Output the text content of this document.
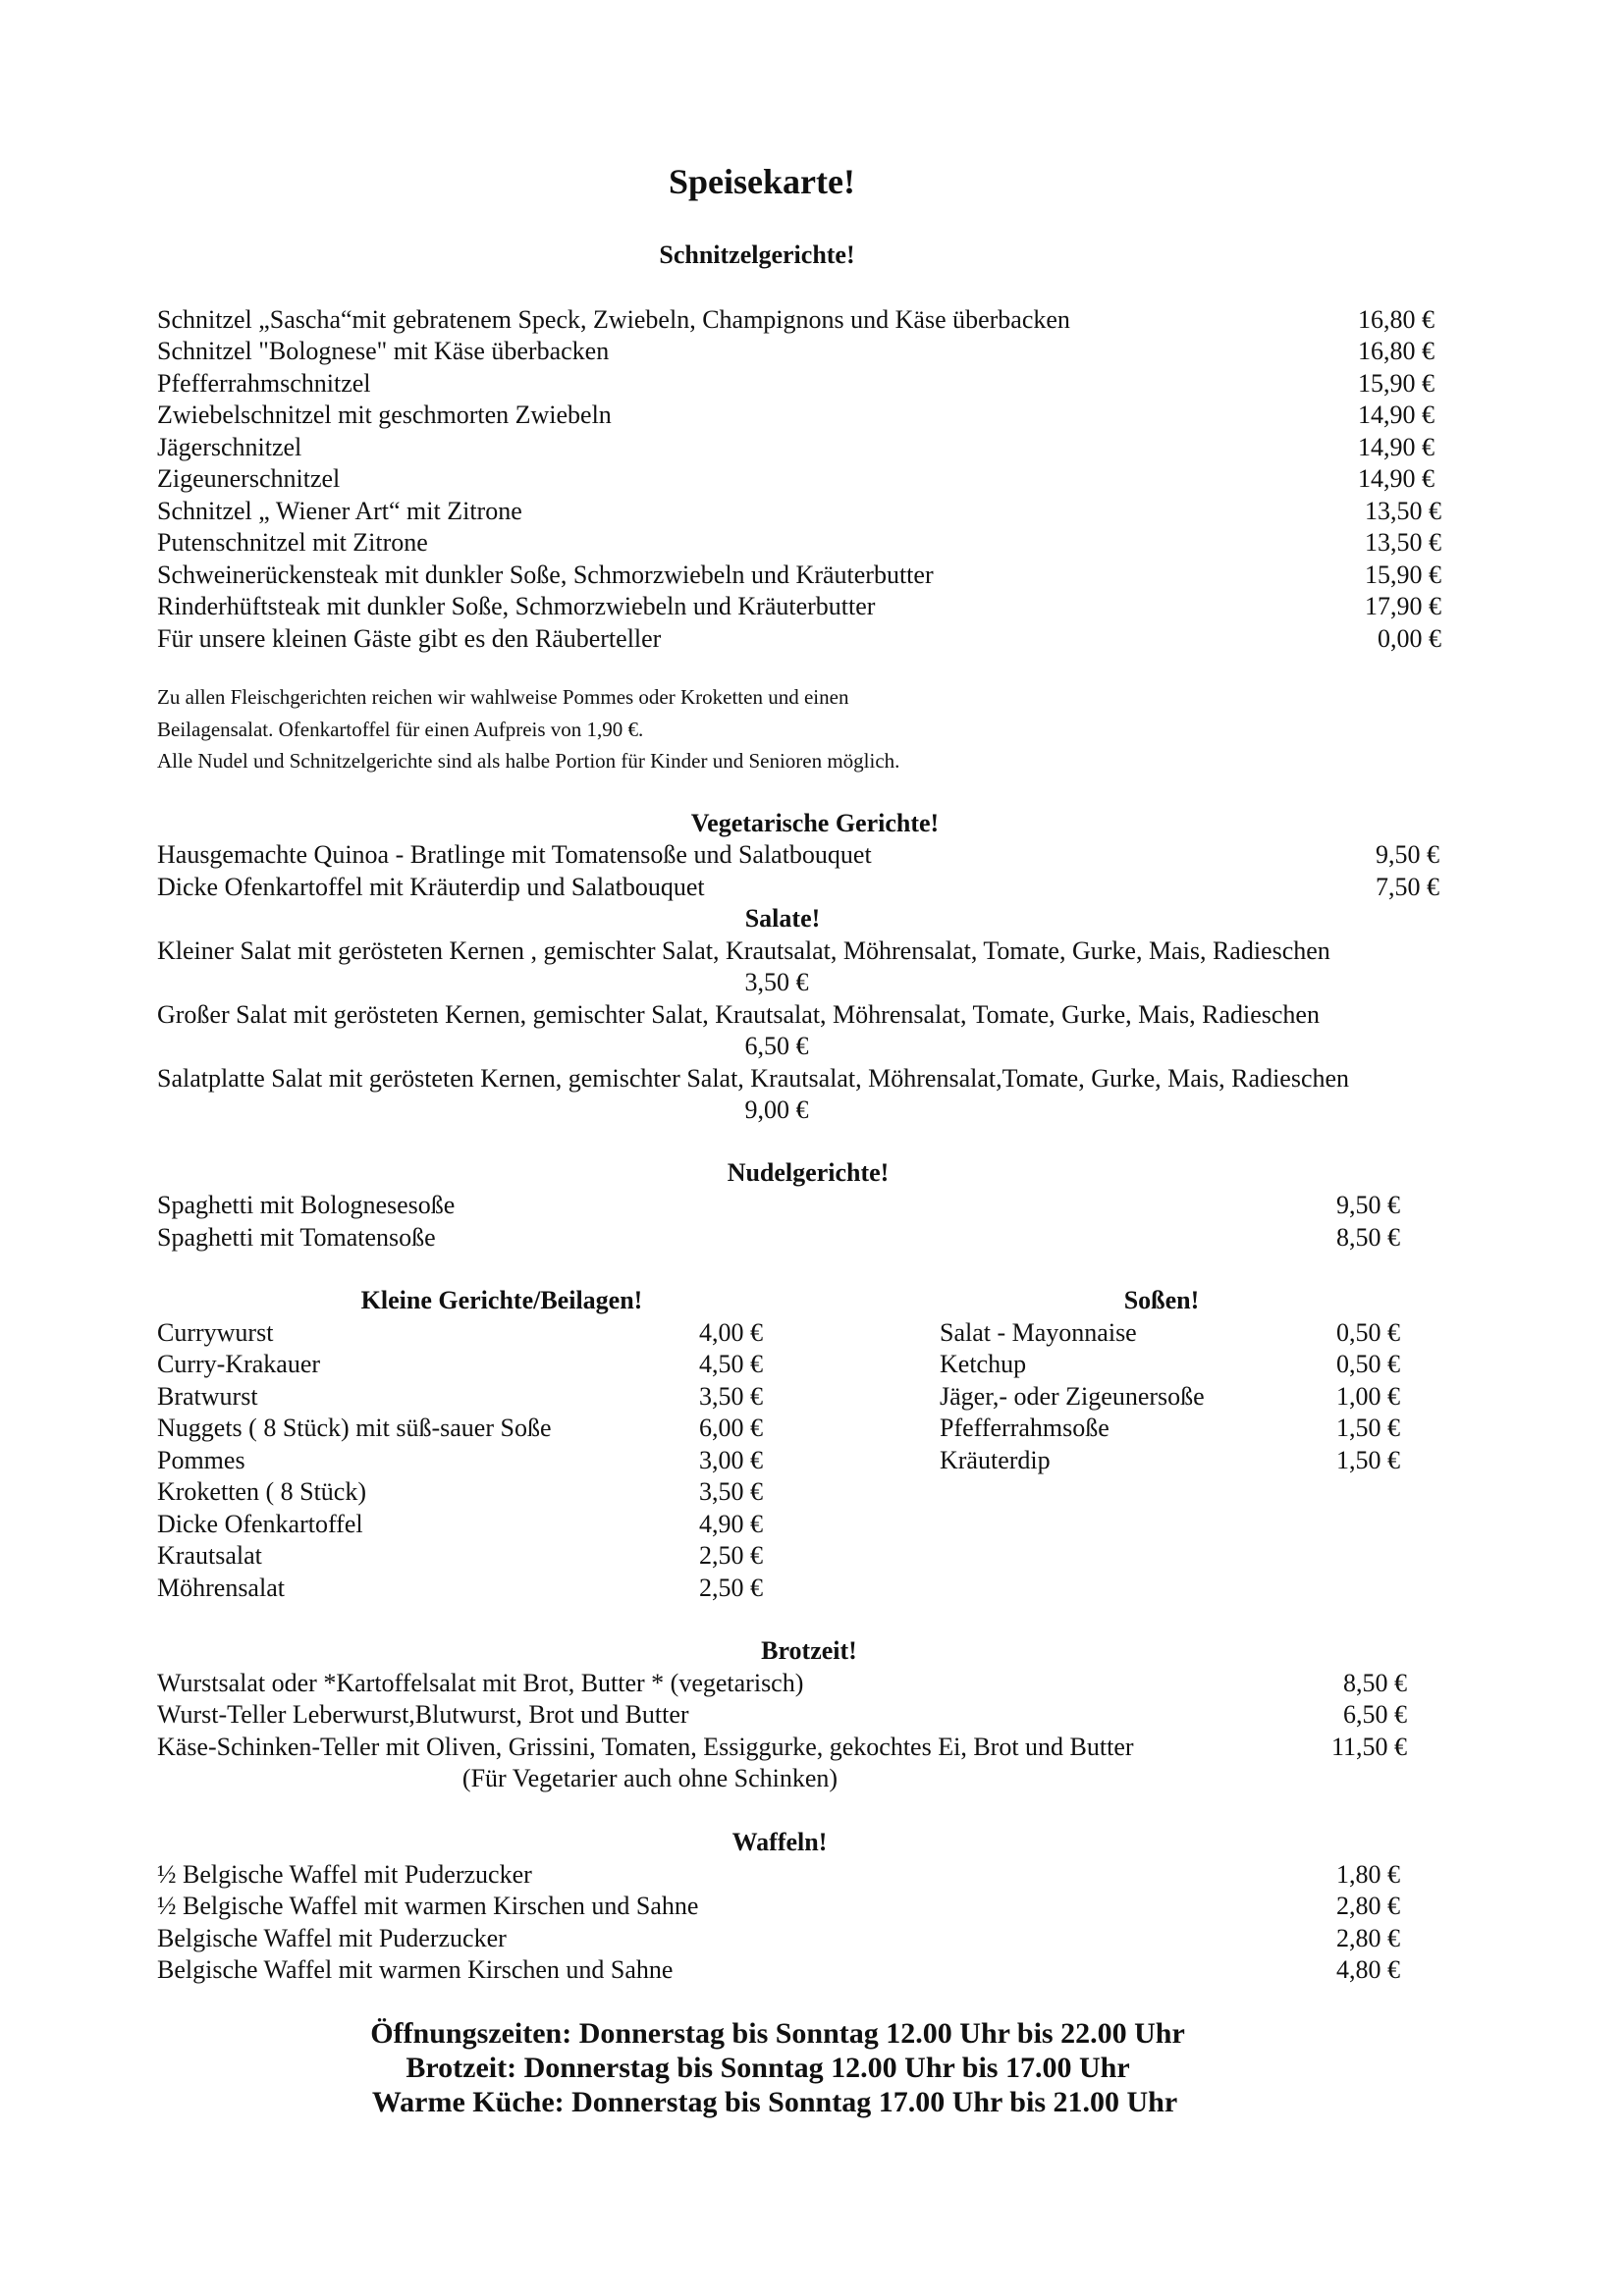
Speisekarte!
Schnitzelgerichte!
Schnitzel „Sascha“mit gebratenem Speck, Zwiebeln, Champignons und Käse überbacken	16,80 €
Schnitzel "Bolognese" mit Käse überbacken	16,80 €
Pfefferrahmschnitzel	15,90 €
Zwiebelschnitzel mit geschmorten Zwiebeln	14,90 €
Jägerschnitzel	14,90 €
Zigeunerschnitzel	14,90 €
Schnitzel „ Wiener Art“ mit Zitrone	13,50 €
Putenschnitzel mit Zitrone	13,50 €
Schweinerückensteak mit dunkler Soße, Schmorzwiebeln und Kräuterbutter	15,90 €
Rinderhüftsteak mit dunkler Soße, Schmorzwiebeln und Kräuterbutter	17,90 €
Für unsere kleinen Gäste gibt es den Räuberteller	0,00 €
Zu allen Fleischgerichten reichen wir wahlweise Pommes oder Kroketten und einen
Beilagensalat. Ofenkartoffel für einen Aufpreis von 1,90 €.
Alle Nudel und Schnitzelgerichte sind als halbe Portion für Kinder und Senioren möglich.
Vegetarische Gerichte!
Hausgemachte Quinoa - Bratlinge mit Tomatensoße und Salatbouquet	9,50 €
Dicke Ofenkartoffel mit Kräuterdip und Salatbouquet	7,50 €
Salate!
Kleiner Salat mit gerösteten Kernen , gemischter Salat, Krautsalat, Möhrensalat, Tomate, Gurke, Mais, Radieschen
3,50 €
Großer Salat mit gerösteten Kernen, gemischter Salat, Krautsalat, Möhrensalat, Tomate, Gurke, Mais, Radieschen
6,50 €
Salatplatte Salat mit gerösteten Kernen, gemischter Salat, Krautsalat, Möhrensalat,Tomate, Gurke, Mais, Radieschen
9,00 €
Nudelgerichte!
Spaghetti mit Bolognesesoße	9,50 €
Spaghetti mit Tomatensoße	8,50 €
Kleine Gerichte/Beilagen!
Currywurst	4,00 €
Curry-Krakauer	4,50 €
Bratwurst	3,50 €
Nuggets ( 8 Stück) mit süß-sauer Soße	6,00 €
Pommes	3,00 €
Kroketten ( 8 Stück)	3,50 €
Dicke Ofenkartoffel	4,90 €
Krautsalat	2,50 €
Möhrensalat	2,50 €
Soßen!
Salat - Mayonnaise	0,50 €
Ketchup	0,50 €
Jäger,- oder Zigeunersoße	1,00 €
Pfefferrahmsoße	1,50 €
Kräuterdip	1,50 €
Brotzeit!
Wurstsalat oder *Kartoffelsalat mit Brot, Butter * (vegetarisch)	8,50 €
Wurst-Teller Leberwurst,Blutwurst, Brot und Butter	6,50 €
Käse-Schinken-Teller mit Oliven, Grissini, Tomaten, Essiggurke, gekochtes Ei, Brot und Butter	11,50 €
(Für Vegetarier auch ohne Schinken)
Waffeln!
½ Belgische Waffel mit Puderzucker	1,80 €
½ Belgische Waffel mit warmen Kirschen und Sahne	2,80 €
Belgische Waffel mit Puderzucker	2,80 €
Belgische Waffel mit warmen Kirschen und Sahne	4,80 €
Öffnungszeiten: Donnerstag bis Sonntag 12.00 Uhr bis 22.00 Uhr
Brotzeit: Donnerstag bis Sonntag 12.00 Uhr bis 17.00 Uhr
Warme Küche: Donnerstag bis Sonntag 17.00 Uhr bis 21.00 Uhr
